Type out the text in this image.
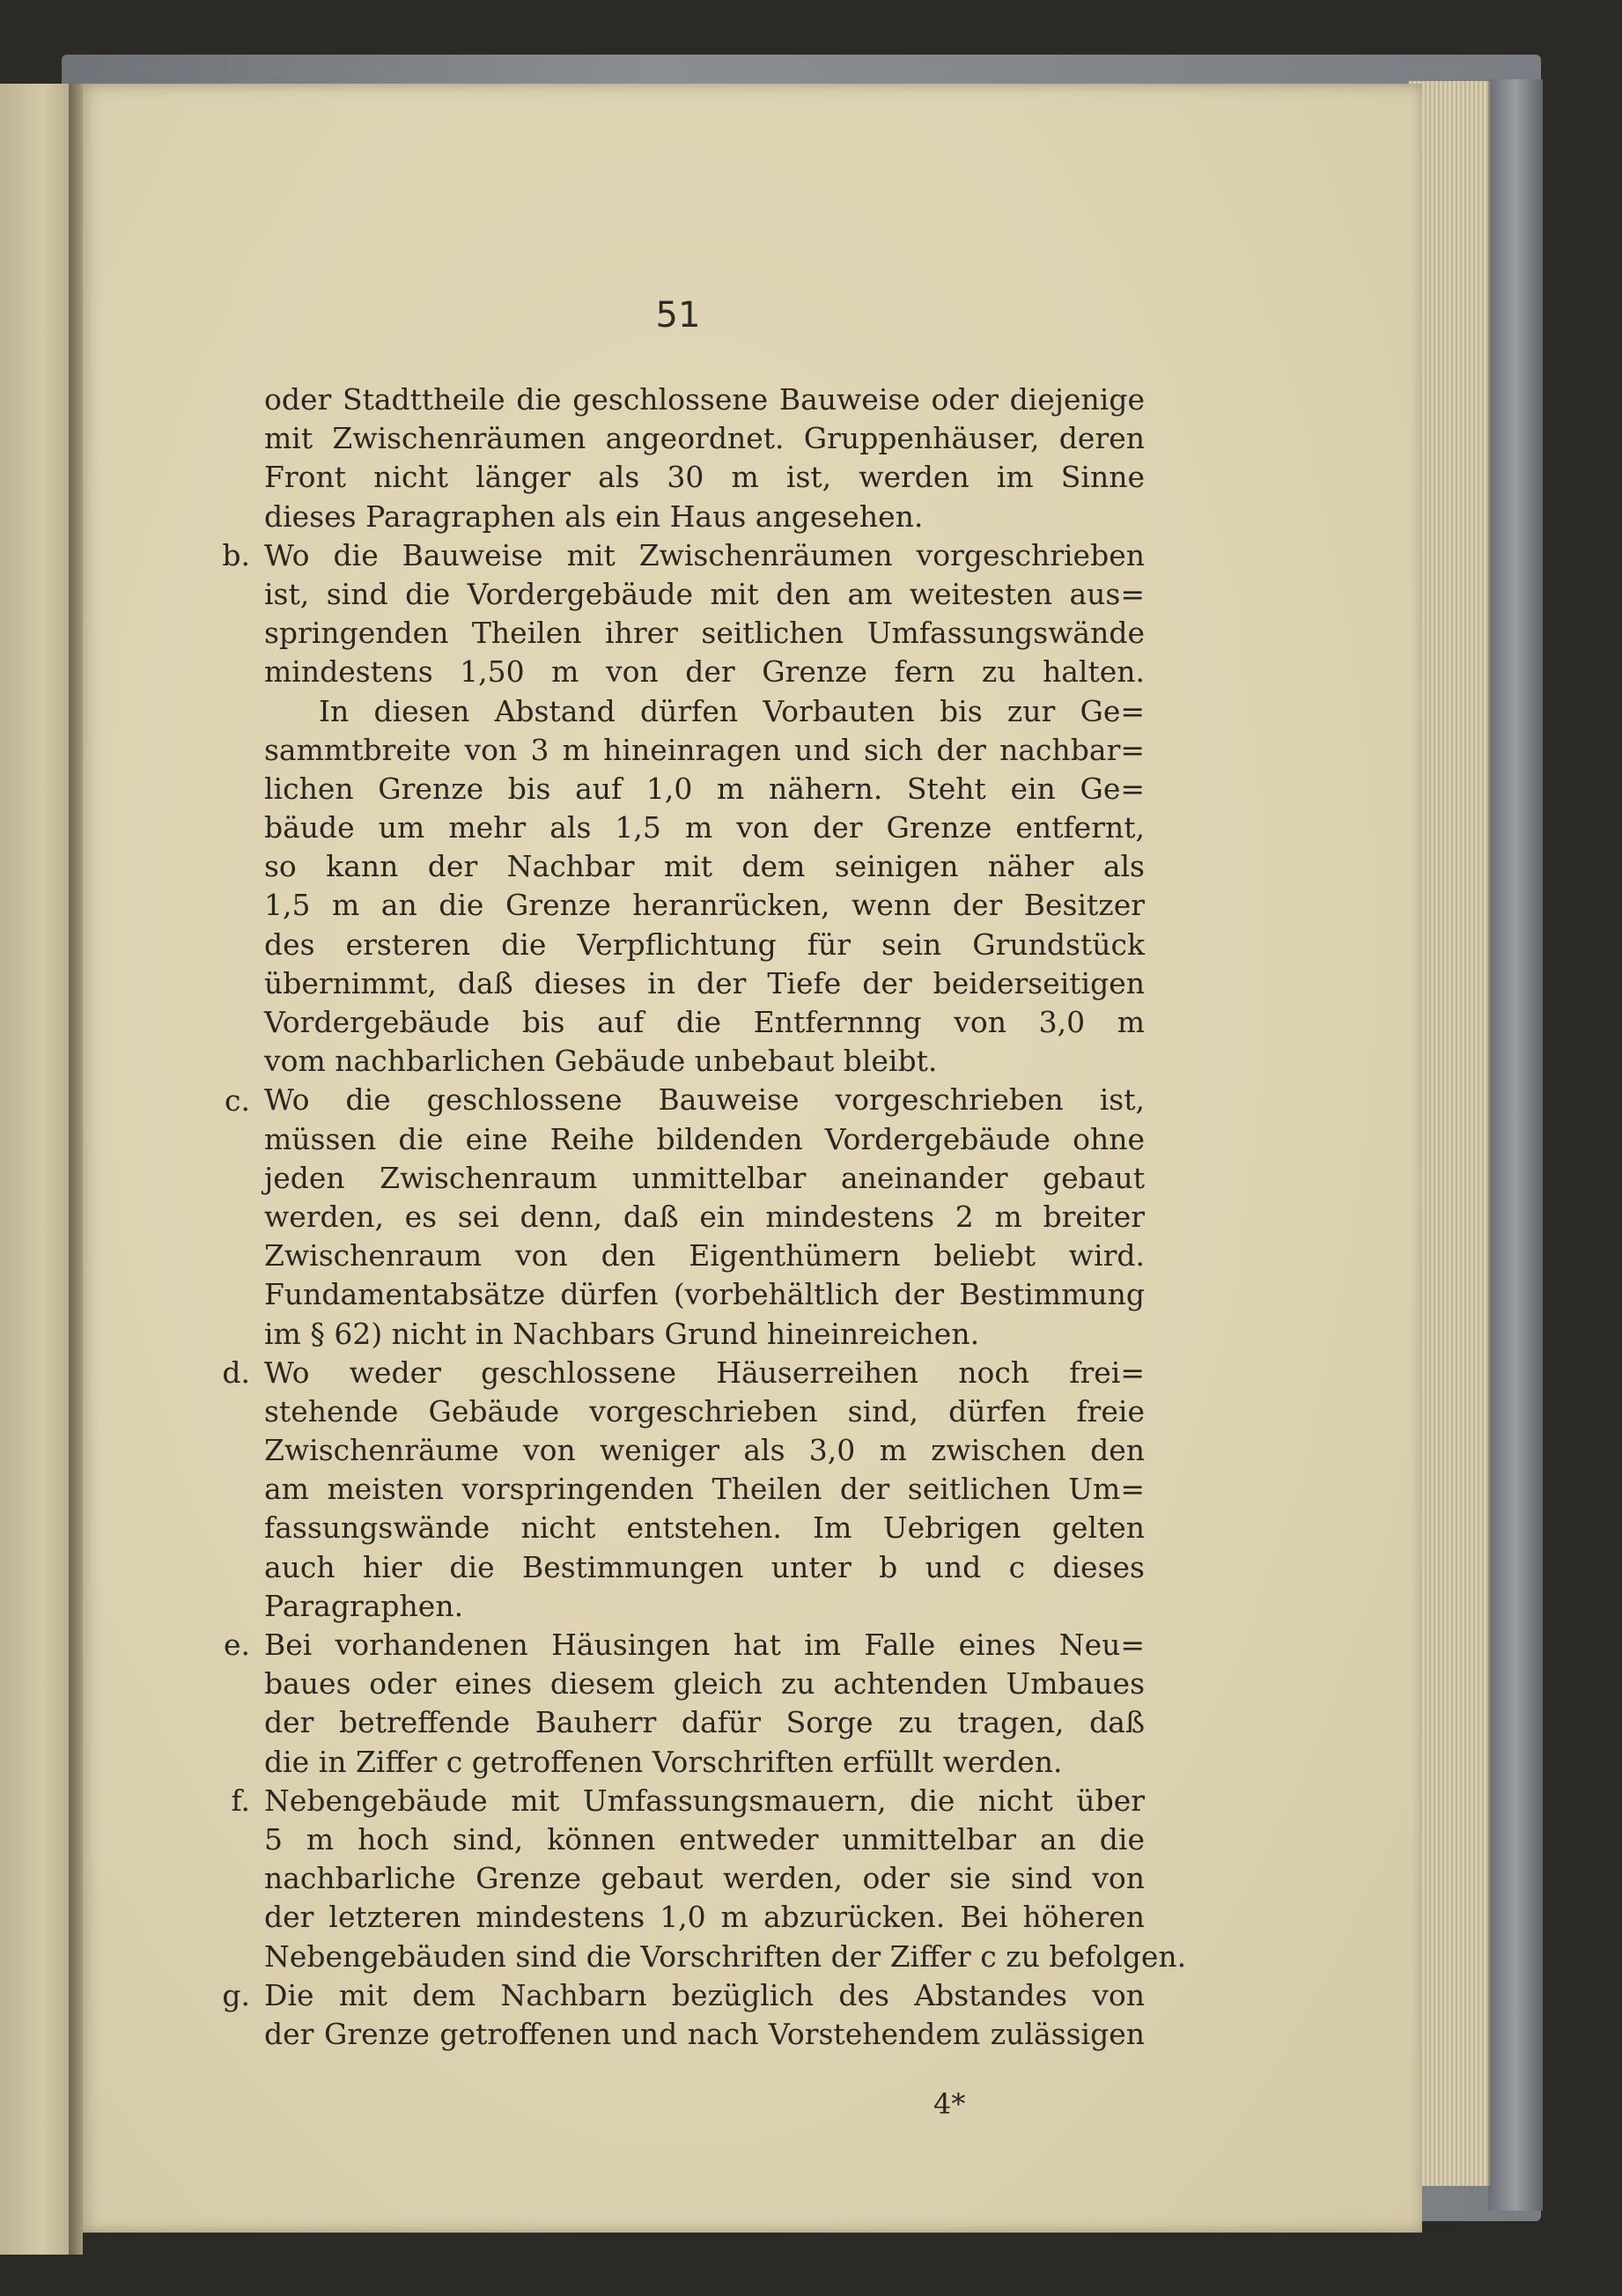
51
oder Stadttheile die geschlossene Bauweise oder diejenige
mit Zwischenräumen angeordnet. Gruppenhäuser, deren
Front nicht länger als 30 m ist, werden im Sinne
dieses Paragraphen als ein Haus angesehen.
Wo die Bauweise mit Zwischenräumen vorgeschrieben
ist, sind die Vordergebäude mit den am weitesten aus=
springenden Theilen ihrer seitlichen Umfassungswände
mindestens 1,50 m von der Grenze fern zu halten.
In diesen Abstand dürfen Vorbauten bis zur Ge=
sammtbreite von 3 m hineinragen und sich der nachbar=
lichen Grenze bis auf 1,0 m nähern. Steht ein Ge=
bäude um mehr als 1,5 m von der Grenze entfernt,
so kann der Nachbar mit dem seinigen näher als
1,5 m an die Grenze heranrücken, wenn der Besitzer
des ersteren die Verpflichtung für sein Grundstück
übernimmt, daß dieses in der Tiefe der beiderseitigen
Vordergebäude bis auf die Entfernnng von 3,0 m
vom nachbarlichen Gebäude unbebaut bleibt.
Wo die geschlossene Bauweise vorgeschrieben ist,
müssen die eine Reihe bildenden Vordergebäude ohne
jeden Zwischenraum unmittelbar aneinander gebaut
werden, es sei denn, daß ein mindestens 2 m breiter
Zwischenraum von den Eigenthümern beliebt wird.
Fundamentabsätze dürfen (vorbehältlich der Bestimmung
im § 62) nicht in Nachbars Grund hineinreichen.
Wo weder geschlossene Häuserreihen noch frei=
stehende Gebäude vorgeschrieben sind, dürfen freie
Zwischenräume von weniger als 3,0 m zwischen den
am meisten vorspringenden Theilen der seitlichen Um=
fassungswände nicht entstehen. Im Uebrigen gelten
auch hier die Bestimmungen unter b und c dieses
Paragraphen.
Bei vorhandenen Häusingen hat im Falle eines Neu=
baues oder eines diesem gleich zu achtenden Umbaues
der betreffende Bauherr dafür Sorge zu tragen, daß
die in Ziffer c getroffenen Vorschriften erfüllt werden.
Nebengebäude mit Umfassungsmauern, die nicht über
5 m hoch sind, können entweder unmittelbar an die
nachbarliche Grenze gebaut werden, oder sie sind von
der letzteren mindestens 1,0 m abzurücken. Bei höheren
Nebengebäuden sind die Vorschriften der Ziffer c zu befolgen.
Die mit dem Nachbarn bezüglich des Abstandes von
der Grenze getroffenen und nach Vorstehendem zulässigen
4*
b.
c.
d.
e.
f.
g.
